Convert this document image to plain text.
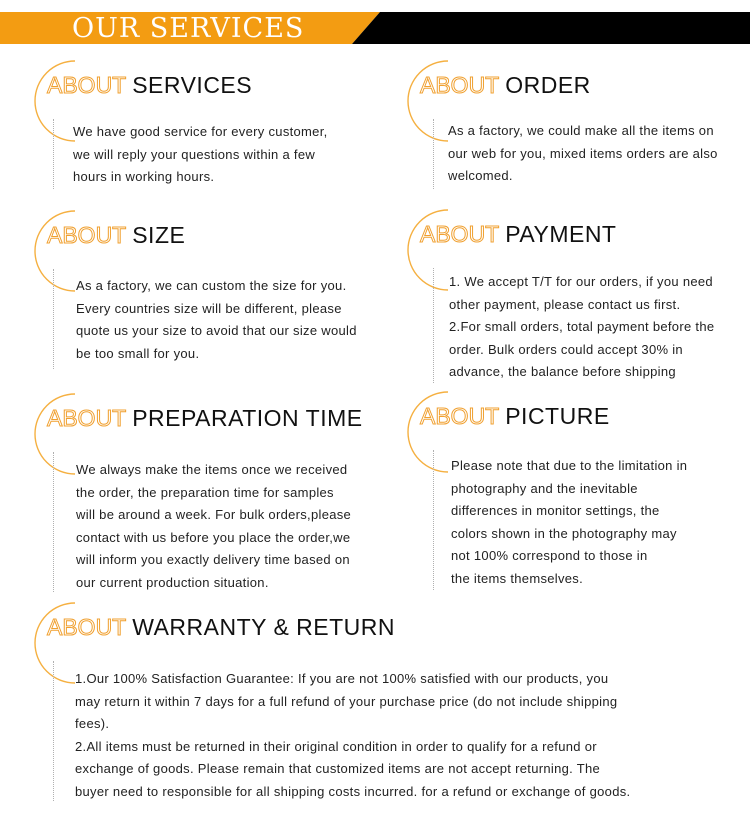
OUR SERVICES
ABOUT SERVICES

We have good service for every customer,

we will reply your questions within a few

hours in working hours.

ABOUT ORDER

As a factory, we could make all the items on

our web for you, mixed items orders are also

welcomed.

ABOUT SIZE

As a factory, we can custom the size for you.

Every countries size will be different, please

quote us your size to avoid that our size would

be too small for you.

ABOUT PAYMENT

1. We accept T/T for our orders, if you need

other payment, please contact us first.

2.For small orders, total payment before the

order. Bulk orders could accept 30% in

advance, the balance before shipping

ABOUT PREPARATION TIME

We always make the items once we received

the order, the preparation time for samples

will be around a week. For bulk orders,please

contact with us before you place the order,we

will inform you exactly delivery time based on

our current production situation.

ABOUT PICTURE

Please note that due to the limitation in

photography and the inevitable

differences in monitor settings, the

colors shown in the photography may

not 100% correspond to those in

the items themselves.

ABOUT WARRANTY & RETURN

1.Our 100% Satisfaction Guarantee: If you are not 100% satisfied with our products, you

may return it within 7 days for a full refund of your purchase price (do not include shipping

fees).

2.All items must be returned in their original condition in order to qualify for a refund or

exchange of goods. Please remain that customized items are not accept returning. The

buyer need to responsible for all shipping costs incurred. for a refund or exchange of goods.
